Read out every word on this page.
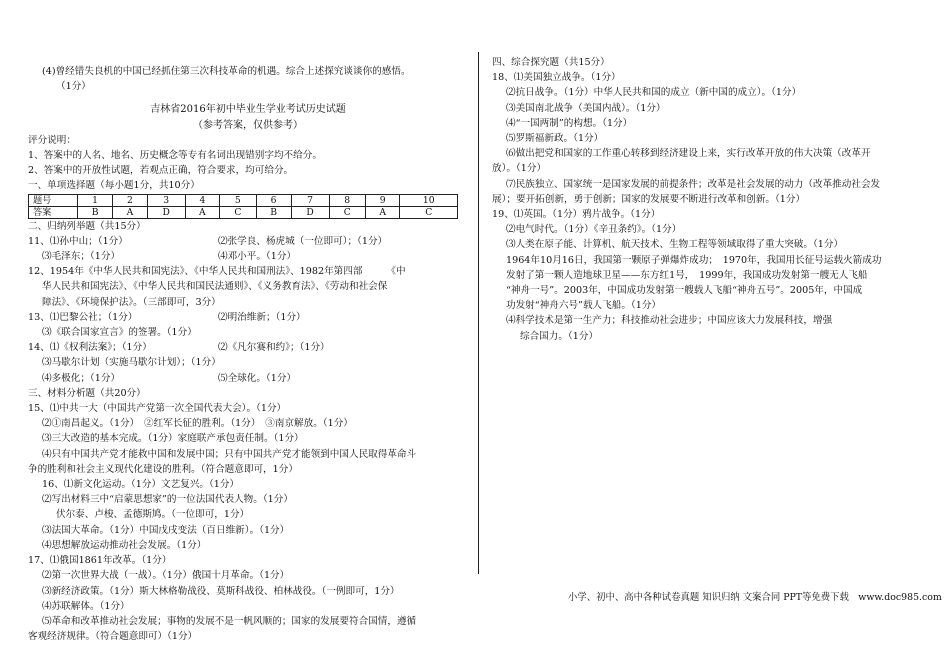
(4)曾经错失良机的中国已经抓住第三次科技革命的机遇。综合上述探究谈谈你的感悟。
（1分）
吉林省2016年初中毕业生学业考试历史试题
（参考答案，仅供参考）
评分说明：
1、答案中的人名、地名、历史概念等专有名词出现错别字均不给分。
2、答案中的开放性试题，若观点正确，符合要求，均可给分。
一、单项选择题（每小题1分，共10分）
题号	1	2	3	4	5	6	7	8	9	10
答案	B	A	D	A	C	B	D	C	A	C
二、归纳列举题（共15分）
11、⑴孙中山；（1分）	⑵张学良、杨虎城（一位即可）；（1分）
⑶毛泽东；（1分）	⑷邓小平。（1分）
12、1954年《中华人民共和国宪法》、《中华人民共和国刑法》、1982年第四部　　　《中
华人民共和国宪法》、《中华人民共和国民法通则》、《义务教育法》、《劳动和社会保
障法》、《环境保护法》。（三部即可，3分）
13、⑴巴黎公社；（1分）	⑵明治维新；（1分）
⑶《联合国家宣言》的签署。（1分）
14、⑴《权利法案》；（1分）	⑵《凡尔赛和约》；（1分）
⑶马歇尔计划（实施马歇尔计划）；（1分）
⑷多极化；（1分）	⑸全球化。（1分）
三、材料分析题（共20分）
15、⑴中共一大（中国共产党第一次全国代表大会）。（1分）
⑵①南昌起义。（1分）　②红军长征的胜利。（1分）　③南京解放。（1分）
⑶三大改造的基本完成。（1分）家庭联产承包责任制。（1分）
⑷只有中国共产党才能救中国和发展中国；只有中国共产党才能领到中国人民取得革命斗
争的胜利和社会主义现代化建设的胜利。（符合题意即可，1分）
16、⑴新文化运动。（1分）文艺复兴。（1分）
⑵写出材料三中“启蒙思想家”的一位法国代表人物。（1分）
伏尔泰、卢梭、孟德斯鸠。（一位即可，1分）
⑶法国大革命。（1分）中国戊戌变法（百日维新）。（1分）
⑷思想解放运动推动社会发展。（1分）
17、⑴俄国1861年改革。（1分）
⑵第一次世界大战（一战）。（1分）俄国十月革命。（1分）
⑶新经济政策。（1分）斯大林格勒战役、莫斯科战役、柏林战役。（一例即可，1分）
⑷苏联解体。（1分）
⑸革命和改革推动社会发展；事物的发展不是一帆风顺的；国家的发展要符合国情，遵循
客观经济规律。（符合题意即可）（1分）
四、综合探究题（共15分）
18、⑴美国独立战争。（1分）
⑵抗日战争。（1分）中华人民共和国的成立（新中国的成立）。（1分）
⑶美国南北战争（美国内战）。（1分）
⑷“一国两制”的构想。（1分）
⑸罗斯福新政。（1分）
⑹做出把党和国家的工作重心转移到经济建设上来，实行改革开放的伟大决策（改革开
放）。（1分）
⑺民族独立、国家统一是国家发展的前提条件；改革是社会发展的动力（改革推动社会发
展）；要开拓创新，勇于创新；国家的发展要不断进行改革和创新。（1分）
19、⑴英国。（1分）鸦片战争。（1分）
⑵电气时代。（1分）《辛丑条约》。（1分）
⑶人类在原子能、计算机、航天技术、生物工程等领域取得了重大突破。（1分）
1964年10月16日，我国第一颗原子弹爆炸成功；　1970年，我国用长征号运载火箭成功
发射了第一颗人造地球卫星——东方红1号，　1999年，我国成功发射第一艘无人飞船
“神舟一号”。2003年，中国成功发射第一艘载人飞船“神舟五号”。2005年，中国成
功发射“神舟六号”载人飞船。（1分）
⑷科学技术是第一生产力；科技推动社会进步；中国应该大力发展科技，增强
综合国力。（1分）
小学、初中、高中各种试卷真题 知识归纳 文案合同 PPT等免费下载　www.doc985.com
